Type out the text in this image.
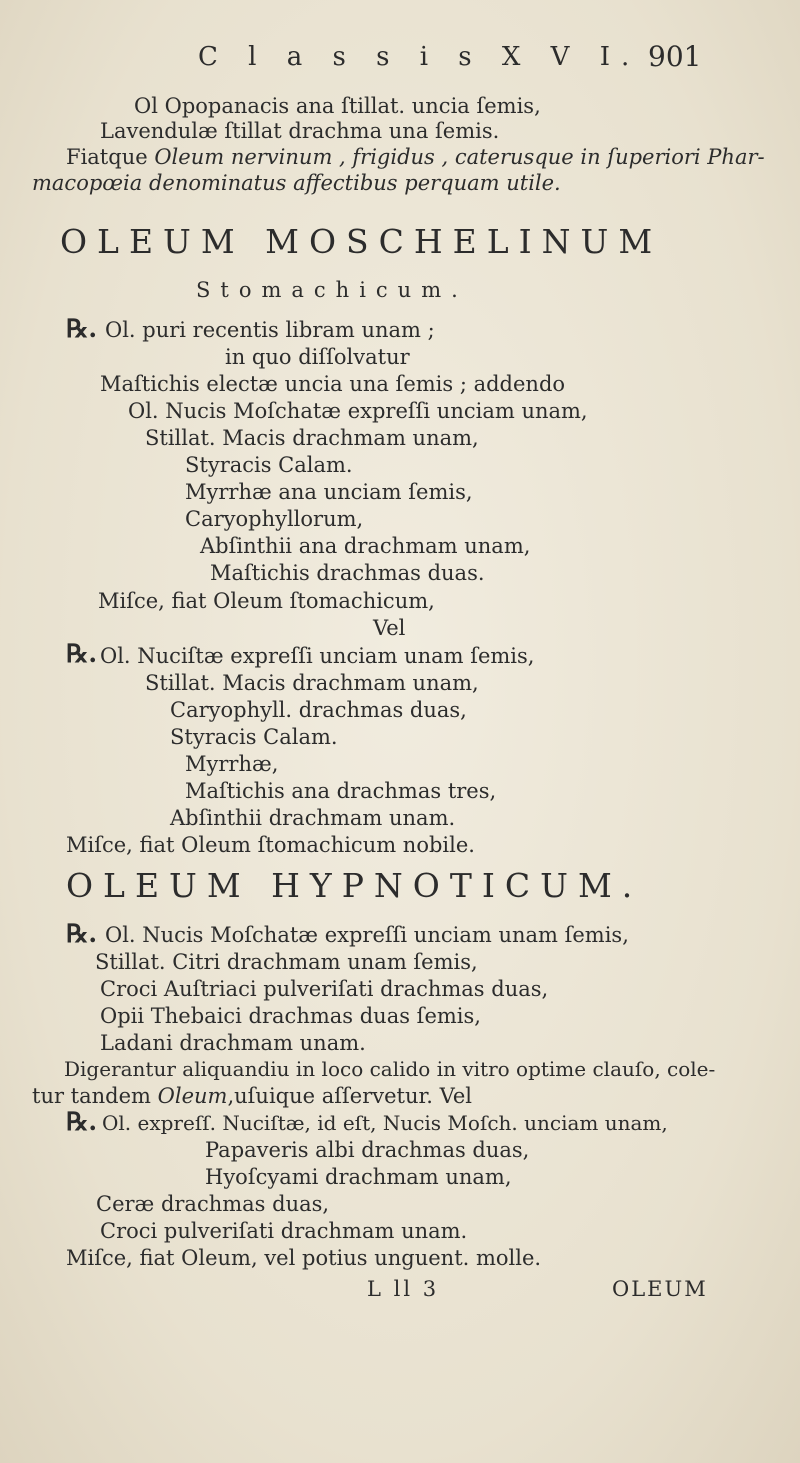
C l a s s i s X V I. 901
Ol Opopanacis ana ſtillat. uncia ſemis,
Lavendulæ ſtillat drachma una ſemis.
Fiatque Oleum nervinum , frigidus , caterusque in ſuperiori Phar-
macopœia denominatus affectibus perquam utile.
OLEUM MOSCHELINUM
Stomachicum.
℞. Ol. puri recentis libram unam ;
in quo diſſolvatur
Maſtichis electæ uncia una ſemis ; addendo
Ol. Nucis Moſchatæ expreſſi unciam unam,
Stillat. Macis drachmam unam,
Styracis Calam.
Myrrhæ ana unciam ſemis,
Caryophyllorum,
Abſinthii ana drachmam unam,
Maſtichis drachmas duas.
Miſce, fiat Oleum ſtomachicum,
Vel
℞. Ol. Nuciſtæ expreſſi unciam unam ſemis,
Stillat. Macis drachmam unam,
Caryophyll. drachmas duas,
Styracis Calam.
Myrrhæ,
Maſtichis ana drachmas tres,
Abſinthii drachmam unam.
Miſce, fiat Oleum ſtomachicum nobile.
OLEUM HYPNOTICUM.
℞. Ol. Nucis Moſchatæ expreſſi unciam unam ſemis,
Stillat. Citri drachmam unam ſemis,
Croci Auſtriaci pulveriſati drachmas duas,
Opii Thebaici drachmas duas ſemis,
Ladani drachmam unam.
Digerantur aliquandiu in loco calido in vitro optime clauſo, cole-
tur tandem Oleum,uſuique aſſervetur. Vel
℞. Ol. expreſſ. Nuciſtæ, id eſt, Nucis Moſch. unciam unam,
Papaveris albi drachmas duas,
Hyoſcyami drachmam unam,
Ceræ drachmas duas,
Croci pulveriſati drachmam unam.
Miſce, fiat Oleum, vel potius unguent. molle.
L ll 3	OLEUM
